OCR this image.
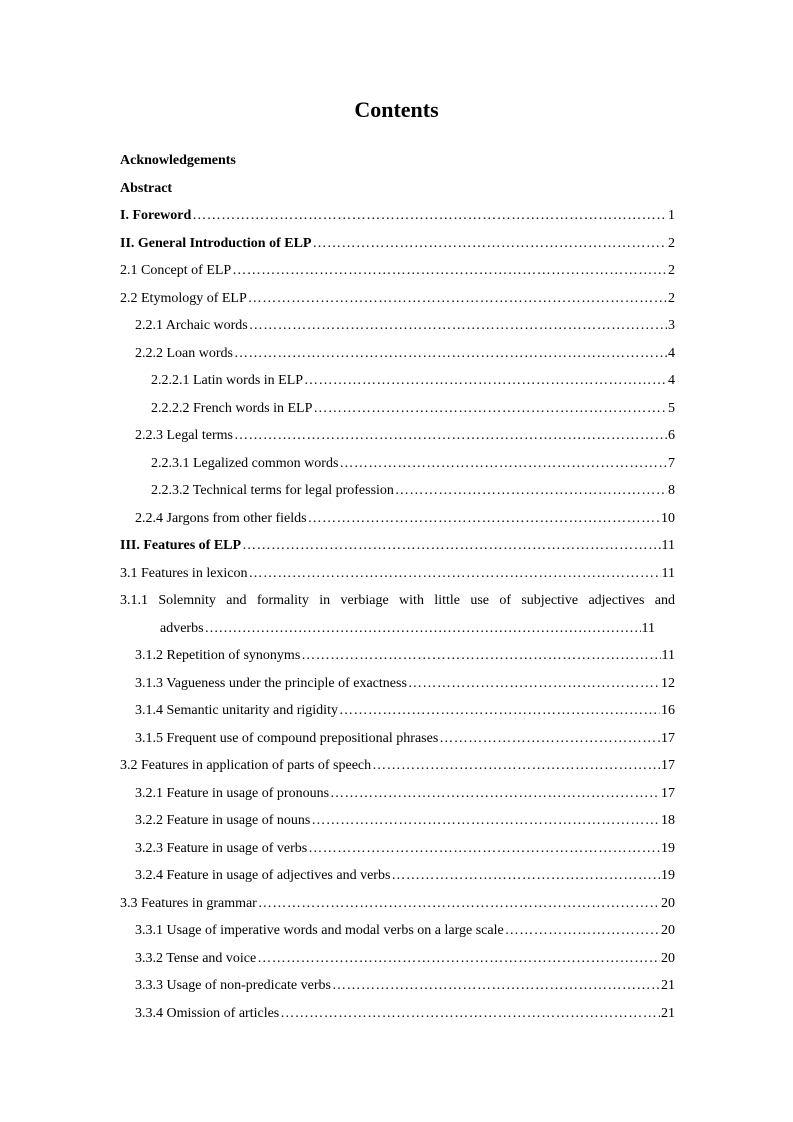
Contents
Acknowledgements
Abstract
I. Foreword ……………………………………………………………………………………………………………………………………………………………………………	1
II. General Introduction of ELP ……………………………………………………………………………………………………………………………………………………………………………	2
2.1 Concept of ELP ……………………………………………………………………………………………………………………………………………………………………………	2
2.2 Etymology of ELP ……………………………………………………………………………………………………………………………………………………………………………	2
2.2.1 Archaic words ……………………………………………………………………………………………………………………………………………………………………………	3
2.2.2 Loan words ……………………………………………………………………………………………………………………………………………………………………………	4
2.2.2.1 Latin words in ELP ……………………………………………………………………………………………………………………………………………………………………………	4
2.2.2.2 French words in ELP ……………………………………………………………………………………………………………………………………………………………………………	5
2.2.3 Legal terms ……………………………………………………………………………………………………………………………………………………………………………	6
2.2.3.1 Legalized common words ……………………………………………………………………………………………………………………………………………………………………………	7
2.2.3.2 Technical terms for legal profession ……………………………………………………………………………………………………………………………………………………………………………	8
2.2.4 Jargons from other fields ……………………………………………………………………………………………………………………………………………………………………………	10
III. Features of ELP ……………………………………………………………………………………………………………………………………………………………………………	11
3.1 Features in lexicon ……………………………………………………………………………………………………………………………………………………………………………	11
3.1.1 Solemnity and formality in verbiage with little use of subjective adjectives and
adverbs ……………………………………………………………………………………………………………………………………………	11
3.1.2 Repetition of synonyms ……………………………………………………………………………………………………………………………………………………………………………	11
3.1.3 Vagueness under the principle of exactness ……………………………………………………………………………………………………………………………………………………………………………	12
3.1.4 Semantic unitarity and rigidity ……………………………………………………………………………………………………………………………………………………………………………	16
3.1.5 Frequent use of compound prepositional phrases ……………………………………………………………………………………………………………………………………………………………………………	17
3.2 Features in application of parts of speech ……………………………………………………………………………………………………………………………………………………………………………	17
3.2.1 Feature in usage of pronouns ……………………………………………………………………………………………………………………………………………………………………………	17
3.2.2 Feature in usage of nouns ……………………………………………………………………………………………………………………………………………………………………………	18
3.2.3 Feature in usage of verbs ……………………………………………………………………………………………………………………………………………………………………………	19
3.2.4 Feature in usage of adjectives and verbs ……………………………………………………………………………………………………………………………………………………………………………	19
3.3 Features in grammar ……………………………………………………………………………………………………………………………………………………………………………	20
3.3.1 Usage of imperative words and modal verbs on a large scale ……………………………………………………………………………………………………………………………………………………………………………	20
3.3.2 Tense and voice ……………………………………………………………………………………………………………………………………………………………………………	20
3.3.3 Usage of non-predicate verbs ……………………………………………………………………………………………………………………………………………………………………………	21
3.3.4 Omission of articles ……………………………………………………………………………………………………………………………………………………………………………	21
